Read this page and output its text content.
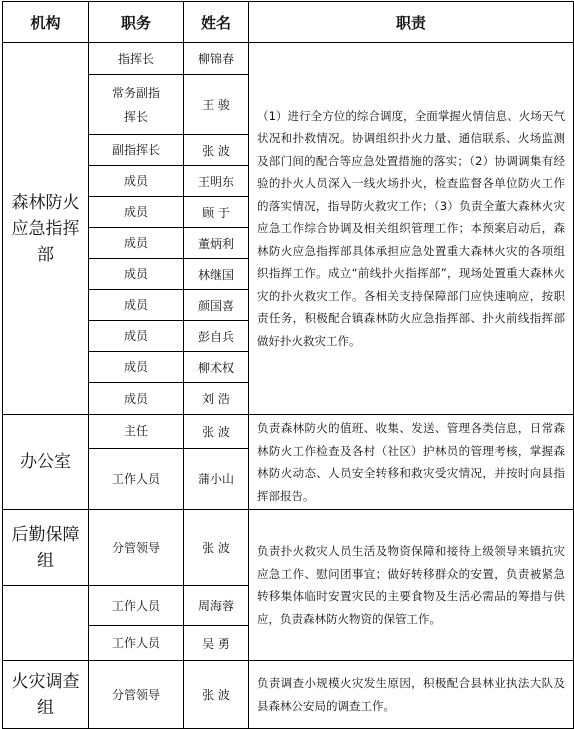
机构	职务	姓名	职责
森林防火应急指挥部	指挥长	柳锦春	（1）进行全方位的综合调度，全面掌握火情信息、火场天气状况和扑救情况。协调组织扑火力量、通信联系、火场监测及部门间的配合等应急处置措施的落实；（2）协调调集有经验的扑火人员深入一线火场扑火，检查监督各单位防火工作的落实情况，指导防火救灾工作；（3）负责全董大森林火灾应急工作综合协调及相关组织管理工作；本预案启动后，森林防火应急指挥部具体承担应急处置重大森林火灾的各项组织指挥工作。成立“前线扑火指挥部”，现场处置重大森林火灾的扑火救灾工作。各相关支持保障部门应快速响应，按职责任务，积极配合镇森林防火应急指挥部、扑火前线指挥部做好扑火救灾工作。
	常务副指挥长	王 骏	
	副指挥长	张 波	
	成员	王明东	
	成员	顾 于	
	成员	董炳利	
	成员	林继国	
	成员	颜国喜	
	成员	彭自兵	
	成员	柳术权	
	成员	刘 浩	
办公室	主任	张 波	负责森林防火的值班、收集、发送、管理各类信息，日常森林防火工作检查及各村（社区）护林员的管理考核，掌握森林防火动态、人员安全转移和救灾受灾情况，并按时向县指挥部报告。
	工作人员	蒲小山	
后勤保障组	分管领导	张 波	负责扑火救灾人员生活及物资保障和接待上级领导来镇抗灾应急工作、慰问团事宜；做好转移群众的安置，负责被紧急转移集体临时安置灾民的主要食物及生活必需品的筹措与供应，负责森林防火物资的保管工作。
	工作人员	周海蓉	
	工作人员	吴 勇	
火灾调查组	分管领导	张 波	负责调查小规模火灾发生原因，积极配合县林业执法大队及县森林公安局的调查工作。
